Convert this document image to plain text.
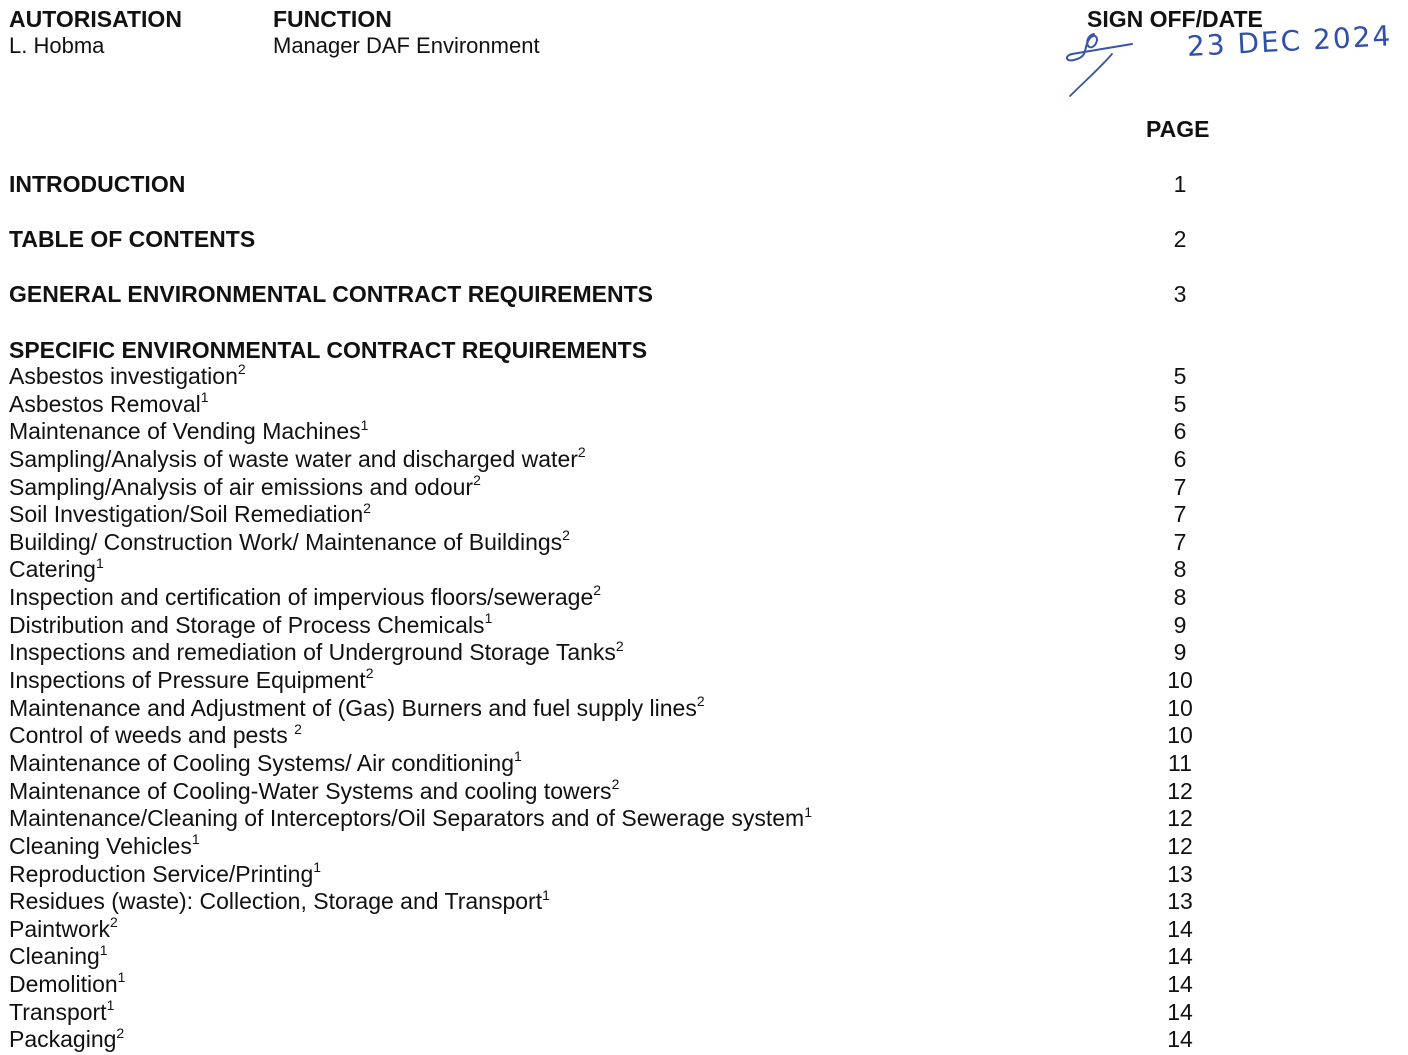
AUTORISATION
L. Hobma
FUNCTION
Manager DAF Environment
SIGN OFF/DATE
23 DEC 2024
PAGE
INTRODUCTION	1
TABLE OF CONTENTS	2
GENERAL ENVIRONMENTAL CONTRACT REQUIREMENTS	3
SPECIFIC ENVIRONMENTAL CONTRACT REQUIREMENTS
Asbestos investigation$^2$	5
Asbestos Removal$^1$	5
Maintenance of Vending Machines$^1$	6
Sampling/Analysis of waste water and discharged water$^2$	6
Sampling/Analysis of air emissions and odour$^2$	7
Soil Investigation/Soil Remediation$^2$	7
Building/ Construction Work/ Maintenance of Buildings$^2$	7
Catering$^1$	8
Inspection and certification of impervious floors/sewerage$^2$	8
Distribution and Storage of Process Chemicals$^1$	9
Inspections and remediation of Underground Storage Tanks$^2$	9
Inspections of Pressure Equipment$^2$	10
Maintenance and Adjustment of (Gas) Burners and fuel supply lines$^2$	10
Control of weeds and pests $^2$	10
Maintenance of Cooling Systems/ Air conditioning$^1$	11
Maintenance of Cooling-Water Systems and cooling towers$^2$	12
Maintenance/Cleaning of Interceptors/Oil Separators and of Sewerage system$^1$	12
Cleaning Vehicles$^1$	12
Reproduction Service/Printing$^1$	13
Residues (waste): Collection, Storage and Transport$^1$	13
Paintwork$^2$	14
Cleaning$^1$	14
Demolition$^1$	14
Transport$^1$	14
Packaging$^2$	14
